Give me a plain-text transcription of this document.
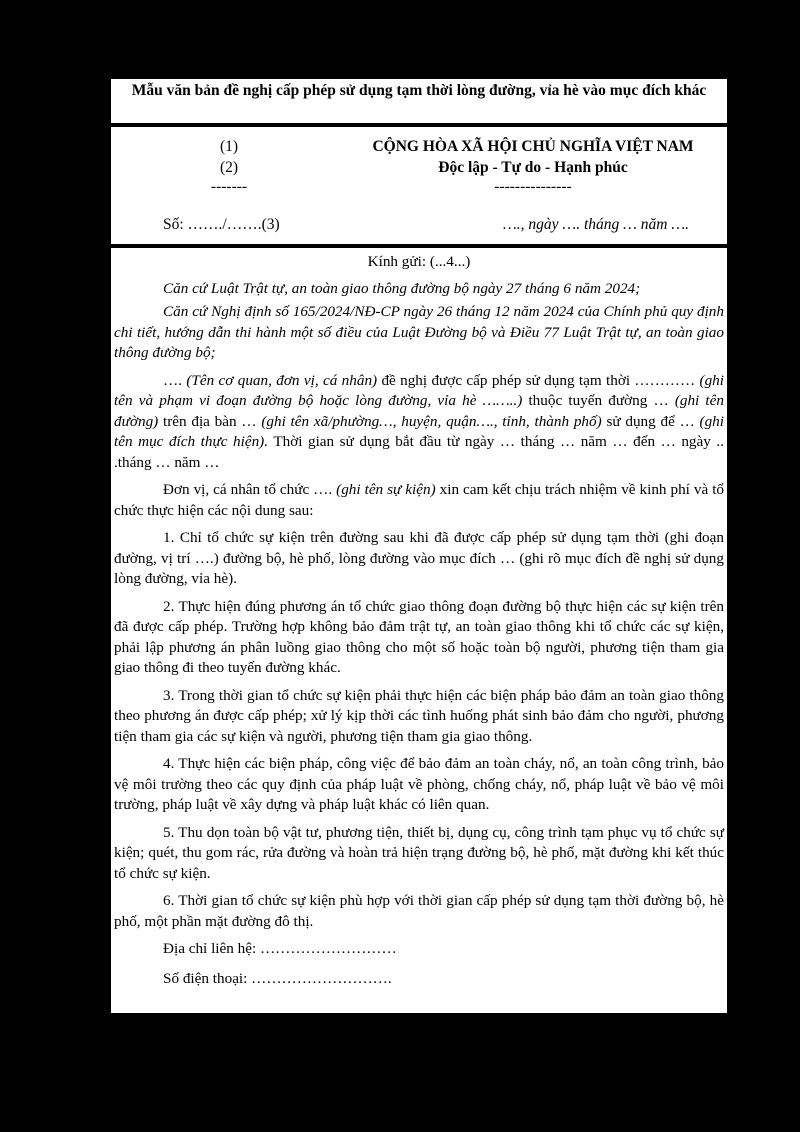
Mẫu văn bản đề nghị cấp phép sử dụng tạm thời lòng đường, vỉa hè vào mục đích khác
(1)
(2)
-------
CỘNG HÒA XÃ HỘI CHỦ NGHĨA VIỆT NAM
Độc lập - Tự do - Hạnh phúc
---------------
Số: ……./…….(3)	…., ngày …. tháng … năm ….

Kính gửi: (...4...)

Căn cứ Luật Trật tự, an toàn giao thông đường bộ ngày 27 tháng 6 năm 2024;

Căn cứ Nghị định số 165/2024/NĐ-CP ngày 26 tháng 12 năm 2024 của Chính phủ quy định chi tiết, hướng dẫn thi hành một số điều của Luật Đường bộ và Điều 77 Luật Trật tự, an toàn giao thông đường bộ;

…. (Tên cơ quan, đơn vị, cá nhân) đề nghị được cấp phép sử dụng tạm thời ………… (ghi tên và phạm vi đoạn đường bộ hoặc lòng đường, vỉa hè ……..) thuộc tuyến đường … (ghi tên đường) trên địa bàn … (ghi tên xã/phường…, huyện, quận…., tỉnh, thành phố) sử dụng để … (ghi tên mục đích thực hiện). Thời gian sử dụng bắt đầu từ ngày … tháng … năm … đến … ngày .. .tháng … năm …

Đơn vị, cá nhân tổ chức …. (ghi tên sự kiện) xin cam kết chịu trách nhiệm về kinh phí và tổ chức thực hiện các nội dung sau:

1. Chỉ tổ chức sự kiện trên đường sau khi đã được cấp phép sử dụng tạm thời (ghi đoạn đường, vị trí ….) đường bộ, hè phố, lòng đường vào mục đích … (ghi rõ mục đích đề nghị sử dụng lòng đường, vỉa hè).

2. Thực hiện đúng phương án tổ chức giao thông đoạn đường bộ thực hiện các sự kiện trên đã được cấp phép. Trường hợp không bảo đảm trật tự, an toàn giao thông khi tổ chức các sự kiện, phải lập phương án phân luồng giao thông cho một số hoặc toàn bộ người, phương tiện tham gia giao thông đi theo tuyến đường khác.

3. Trong thời gian tổ chức sự kiện phải thực hiện các biện pháp bảo đảm an toàn giao thông theo phương án được cấp phép; xử lý kịp thời các tình huống phát sinh bảo đảm cho người, phương tiện tham gia các sự kiện và người, phương tiện tham gia giao thông.

4. Thực hiện các biện pháp, công việc để bảo đảm an toàn cháy, nổ, an toàn công trình, bảo vệ môi trường theo các quy định của pháp luật về phòng, chống cháy, nổ, pháp luật về bảo vệ môi trường, pháp luật về xây dựng và pháp luật khác có liên quan.

5. Thu dọn toàn bộ vật tư, phương tiện, thiết bị, dụng cụ, công trình tạm phục vụ tổ chức sự kiện; quét, thu gom rác, rửa đường và hoàn trả hiện trạng đường bộ, hè phố, mặt đường khi kết thúc tổ chức sự kiện.

6. Thời gian tổ chức sự kiện phù hợp với thời gian cấp phép sử dụng tạm thời đường bộ, hè phố, một phần mặt đường đô thị.

Địa chỉ liên hệ: ………………………

Số điện thoại: ……………………….
